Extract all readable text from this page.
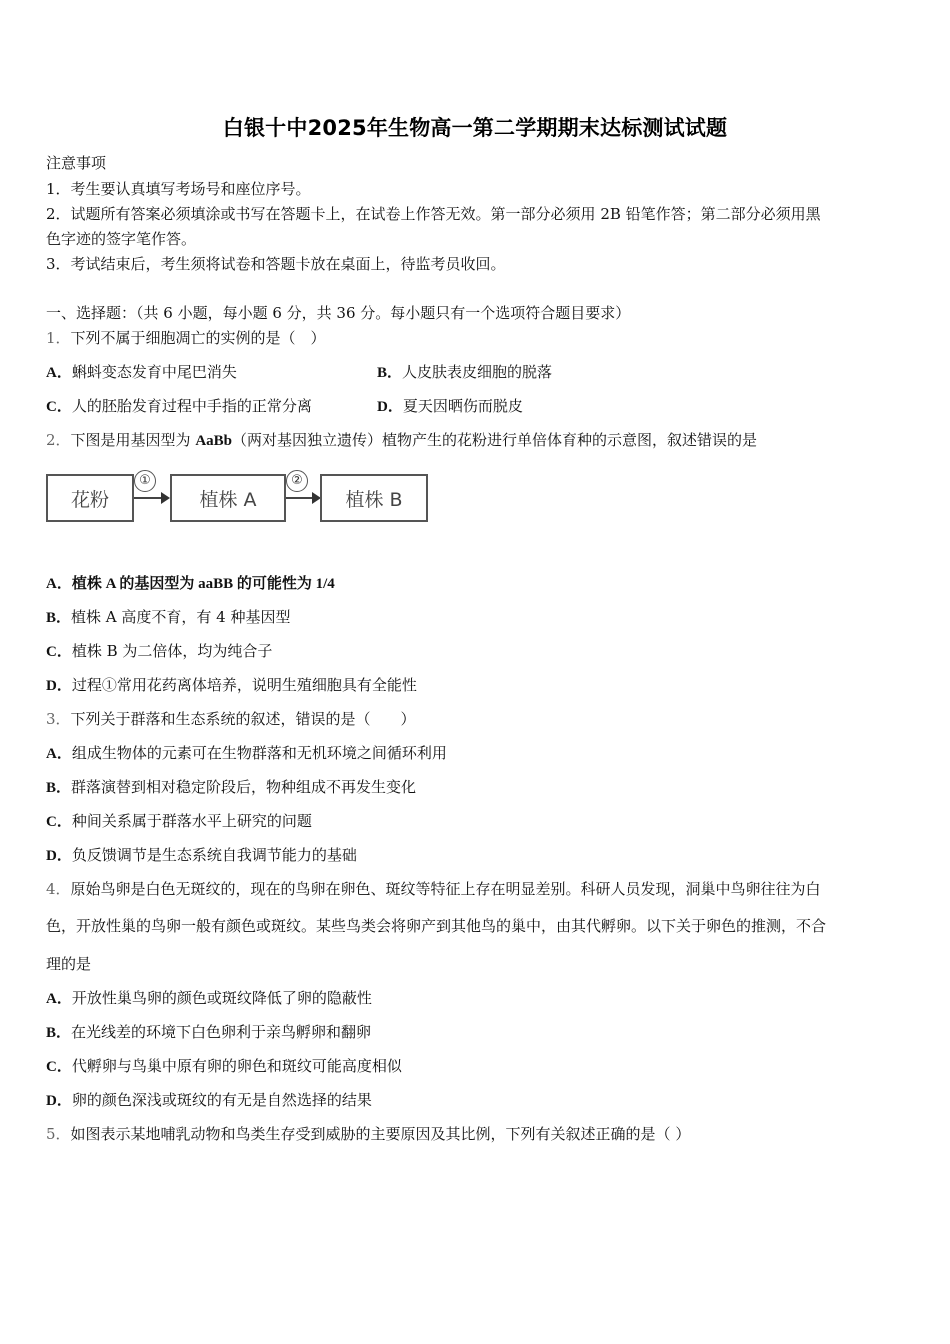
白银十中2025年生物高一第二学期期末达标测试试题
注意事项
1．考生要认真填写考场号和座位序号。
2．试题所有答案必须填涂或书写在答题卡上，在试卷上作答无效。第一部分必须用 2B 铅笔作答；第二部分必须用黑
色字迹的签字笔作答。
3．考试结束后，考生须将试卷和答题卡放在桌面上，待监考员收回。
一、选择题：（共 6 小题，每小题 6 分，共 36 分。每小题只有一个选项符合题目要求）
1．下列不属于细胞凋亡的实例的是（　）
A．蝌蚪变态发育中尾巴消失	B．人皮肤表皮细胞的脱落
C．人的胚胎发育过程中手指的正常分离	D．夏天因晒伤而脱皮
2．下图是用基因型为 AaBb（两对基因独立遗传）植物产生的花粉进行单倍体育种的示意图，叙述错误的是
花粉
①
植株 A
②
植株 B
A．植株 A 的基因型为 aaBB 的可能性为 1/4
B．植株 A 高度不育，有 4 种基因型
C．植株 B 为二倍体，均为纯合子
D．过程①常用花药离体培养，说明生殖细胞具有全能性
3．下列关于群落和生态系统的叙述，错误的是（　　）
A．组成生物体的元素可在生物群落和无机环境之间循环利用
B．群落演替到相对稳定阶段后，物种组成不再发生变化
C．种间关系属于群落水平上研究的问题
D．负反馈调节是生态系统自我调节能力的基础
4．原始鸟卵是白色无斑纹的，现在的鸟卵在卵色、斑纹等特征上存在明显差别。科研人员发现，洞巢中鸟卵往往为白
色，开放性巢的鸟卵一般有颜色或斑纹。某些鸟类会将卵产到其他鸟的巢中，由其代孵卵。以下关于卵色的推测，不合
理的是
A．开放性巢鸟卵的颜色或斑纹降低了卵的隐蔽性
B．在光线差的环境下白色卵利于亲鸟孵卵和翻卵
C．代孵卵与鸟巢中原有卵的卵色和斑纹可能高度相似
D．卵的颜色深浅或斑纹的有无是自然选择的结果
5．如图表示某地哺乳动物和鸟类生存受到威胁的主要原因及其比例，下列有关叙述正确的是（ ）
